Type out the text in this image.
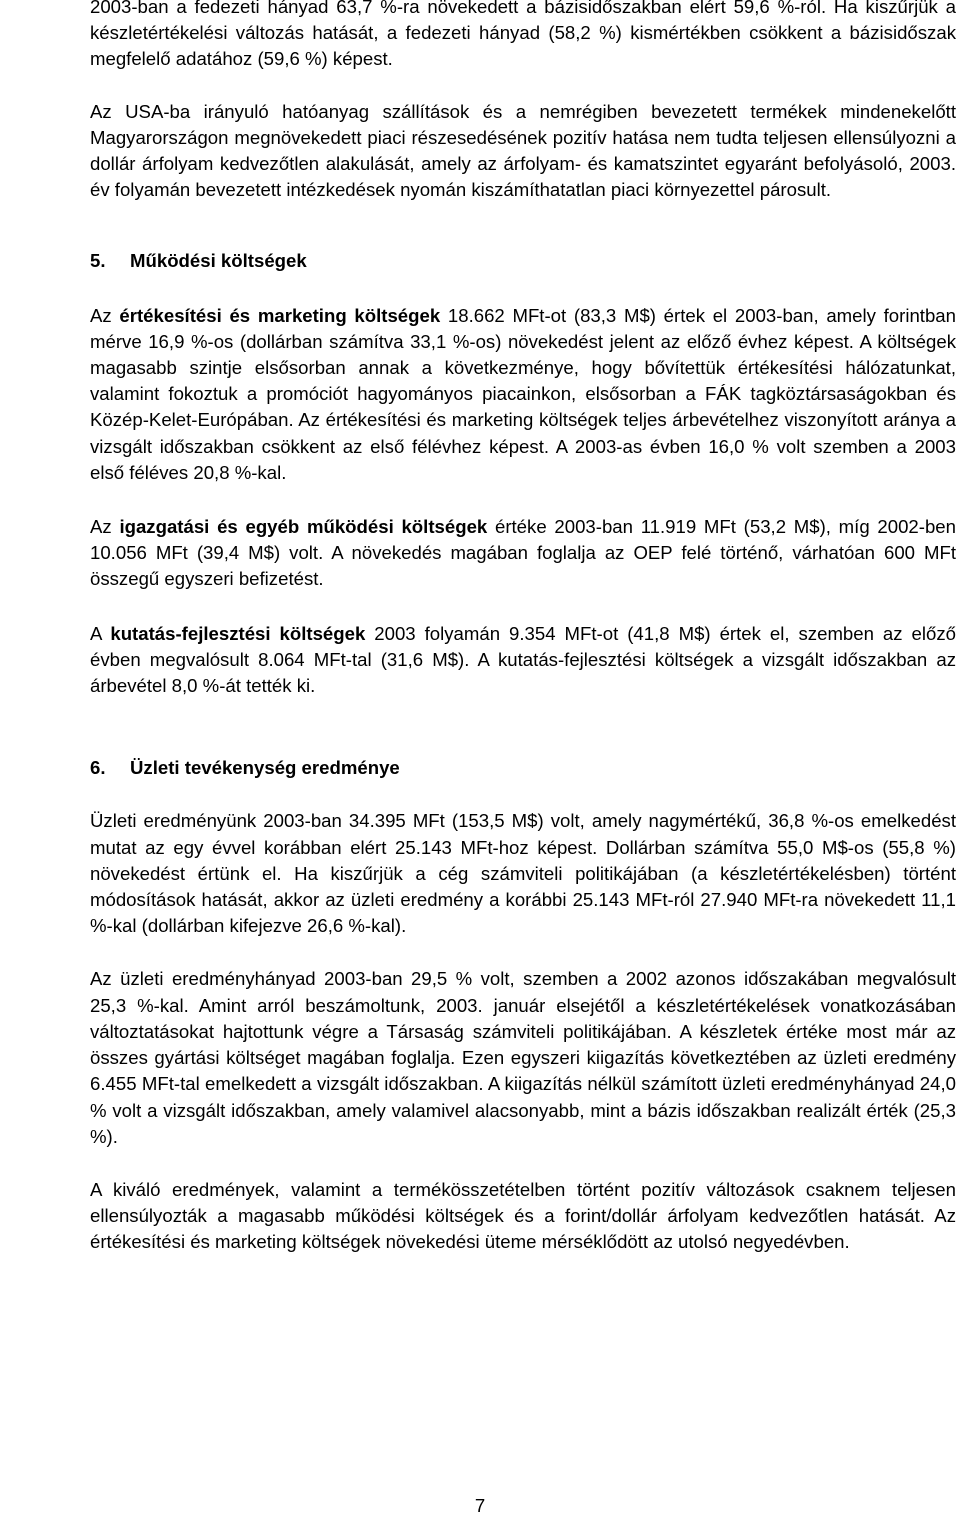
2003-ban a fedezeti hányad 63,7 %-ra növekedett a bázisidőszakban elért 59,6 %-ról. Ha kiszűrjük a készletértékelési változás hatását, a fedezeti hányad (58,2 %) kismértékben csökkent a bázisidőszak megfelelő adatához (59,6 %) képest.

Az USA-ba irányuló hatóanyag szállítások és a nemrégiben bevezetett termékek mindenekelőtt Magyarországon megnövekedett piaci részesedésének pozitív hatása nem tudta teljesen ellensúlyozni a dollár árfolyam kedvezőtlen alakulását, amely az árfolyam- és kamatszintet egyaránt befolyásoló, 2003. év folyamán bevezetett intézkedések nyomán kiszámíthatatlan piaci környezettel párosult.

5.	Működési költségek

Az értékesítési és marketing költségek 18.662 MFt-ot (83,3 M$) értek el 2003-ban, amely forintban mérve 16,9 %-os (dollárban számítva 33,1 %-os) növekedést jelent az előző évhez képest. A költségek magasabb szintje elsősorban annak a következménye, hogy bővítettük értékesítési hálózatunkat, valamint fokoztuk a promóciót hagyományos piacainkon, elsősorban a FÁK tagköztársaságokban és Közép-Kelet-Európában. Az értékesítési és marketing költségek teljes árbevételhez viszonyított aránya a vizsgált időszakban csökkent az első félévhez képest. A 2003-as évben 16,0 % volt szemben a 2003 első féléves 20,8 %-kal.

Az igazgatási és egyéb működési költségek értéke 2003-ban 11.919 MFt (53,2 M$), míg 2002-ben 10.056 MFt (39,4 M$) volt. A növekedés magában foglalja az OEP felé történő, várhatóan 600 MFt összegű egyszeri befizetést.

A kutatás-fejlesztési költségek 2003 folyamán 9.354 MFt-ot (41,8 M$) értek el, szemben az előző évben megvalósult 8.064 MFt-tal (31,6 M$). A kutatás-fejlesztési költségek a vizsgált időszakban az árbevétel 8,0 %-át tették ki.

6.	Üzleti tevékenység eredménye

Üzleti eredményünk 2003-ban 34.395 MFt (153,5 M$) volt, amely nagymértékű, 36,8 %-os emelkedést mutat az egy évvel korábban elért 25.143 MFt-hoz képest. Dollárban számítva 55,0 M$-os (55,8 %) növekedést értünk el. Ha kiszűrjük a cég számviteli politikájában (a készletértékelésben) történt módosítások hatását, akkor az üzleti eredmény a korábbi 25.143 MFt-ról 27.940 MFt-ra növekedett 11,1 %-kal (dollárban kifejezve 26,6 %-kal).

Az üzleti eredményhányad 2003-ban 29,5 % volt, szemben a 2002 azonos időszakában megvalósult 25,3 %-kal. Amint arról beszámoltunk, 2003. január elsejétől a készletértékelések vonatkozásában változtatásokat hajtottunk végre a Társaság számviteli politikájában. A készletek értéke most már az összes gyártási költséget magában foglalja. Ezen egyszeri kiigazítás következtében az üzleti eredmény 6.455 MFt-tal emelkedett a vizsgált időszakban. A kiigazítás nélkül számított üzleti eredményhányad 24,0 % volt a vizsgált időszakban, amely valamivel alacsonyabb, mint a bázis időszakban realizált érték (25,3 %).

A kiváló eredmények, valamint a termékösszetételben történt pozitív változások csaknem teljesen ellensúlyozták a magasabb működési költségek és a forint/dollár árfolyam kedvezőtlen hatását. Az értékesítési és marketing költségek növekedési üteme mérséklődött az utolsó negyedévben.

7
